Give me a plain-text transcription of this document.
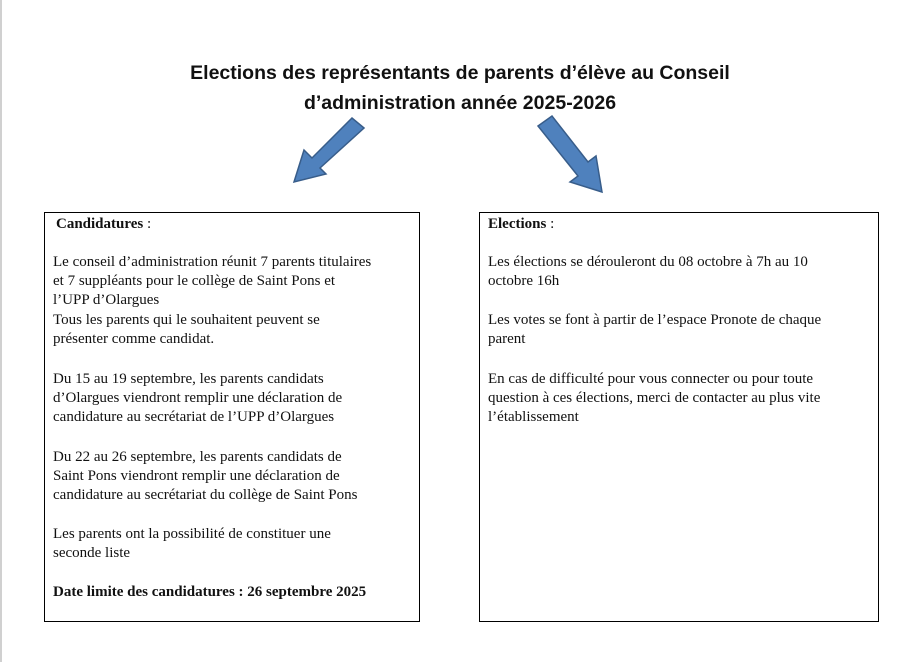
Elections des représentants de parents d’élève au Conseil
d’administration année 2025-2026
Candidatures :
Le conseil d’administration réunit 7 parents titulaires
et 7 suppléants pour le collège de Saint Pons et
l’UPP d’Olargues
Tous les parents qui le souhaitent peuvent se
présenter comme candidat.
Du 15 au 19 septembre, les parents candidats
d’Olargues viendront remplir une déclaration de
candidature au secrétariat de l’UPP d’Olargues
Du 22 au 26 septembre, les parents candidats de
Saint Pons viendront remplir une déclaration de
candidature au secrétariat du collège de Saint Pons
Les parents ont la possibilité de constituer une
seconde liste
Date limite des candidatures : 26 septembre 2025
Elections :
Les élections se dérouleront du 08 octobre à 7h au 10
octobre 16h
Les votes se font à partir de l’espace Pronote de chaque
parent
En cas de difficulté pour vous connecter ou pour toute
question à ces élections, merci de contacter au plus vite
l’établissement
